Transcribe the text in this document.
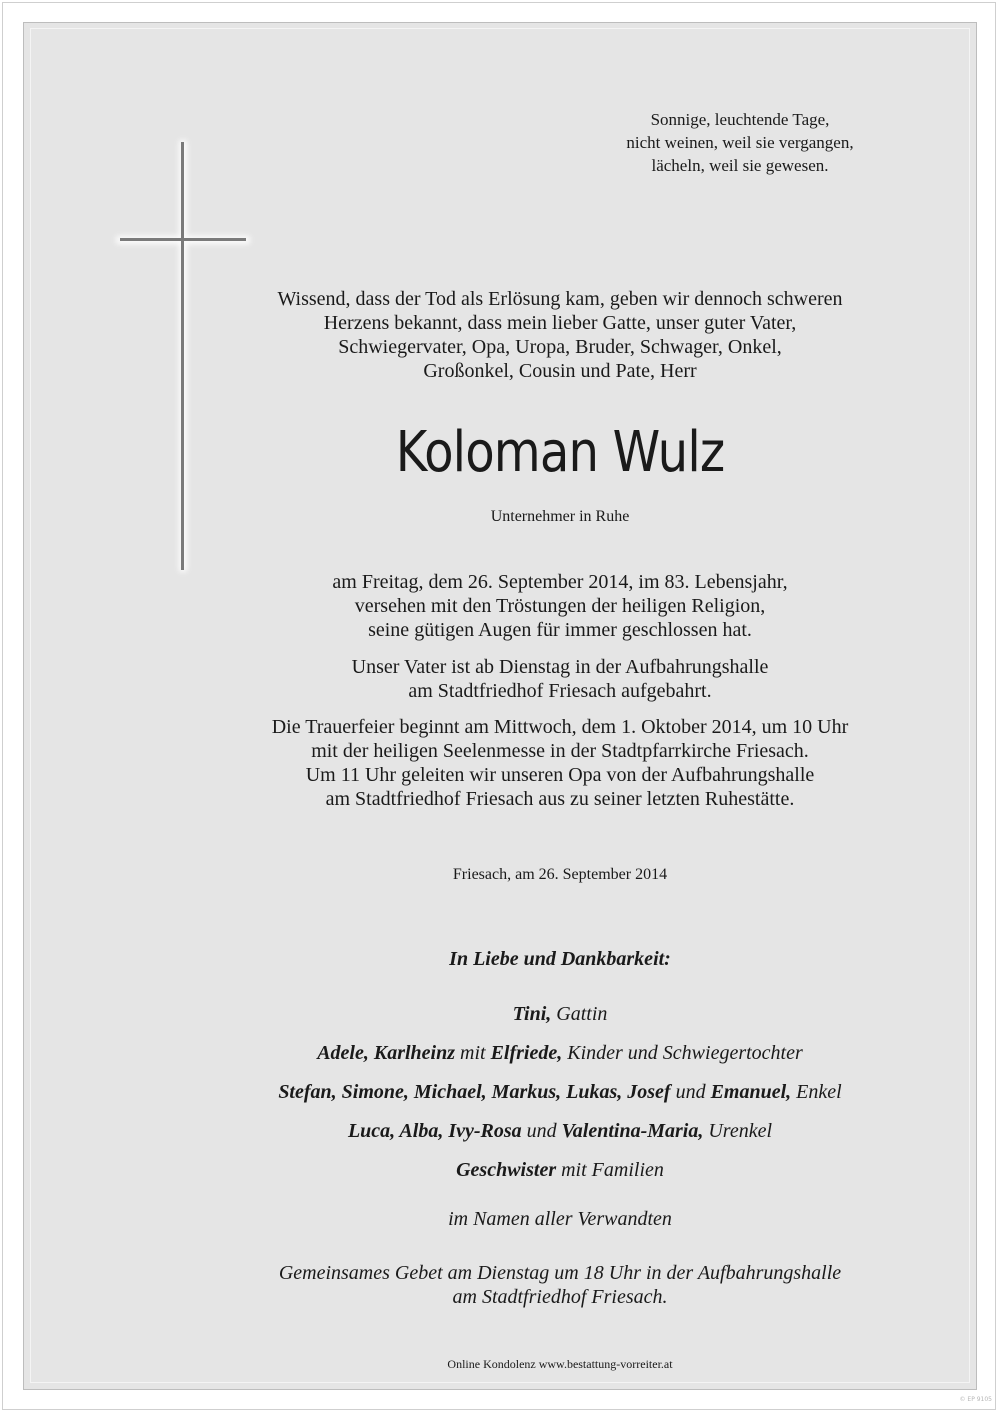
Sonnige, leuchtende Tage,
nicht weinen, weil sie vergangen,
lächeln, weil sie gewesen.
Wissend, dass der Tod als Erlösung kam, geben wir dennoch schweren
Herzens bekannt, dass mein lieber Gatte, unser guter Vater,
Schwiegervater, Opa, Uropa, Bruder, Schwager, Onkel,
Großonkel, Cousin und Pate, Herr
Koloman Wulz
Unternehmer in Ruhe
am Freitag, dem 26. September 2014, im 83. Lebensjahr,
versehen mit den Tröstungen der heiligen Religion,
seine gütigen Augen für immer geschlossen hat.
Unser Vater ist ab Dienstag in der Aufbahrungshalle
am Stadtfriedhof Friesach aufgebahrt.
Die Trauerfeier beginnt am Mittwoch, dem 1. Oktober 2014, um 10 Uhr
mit der heiligen Seelenmesse in der Stadtpfarrkirche Friesach.
Um 11 Uhr geleiten wir unseren Opa von der Aufbahrungshalle
am Stadtfriedhof Friesach aus zu seiner letzten Ruhestätte.
Friesach, am 26. September 2014
In Liebe und Dankbarkeit:
Tini, Gattin
Adele, Karlheinz mit Elfriede, Kinder und Schwiegertochter
Stefan, Simone, Michael, Markus, Lukas, Josef und Emanuel, Enkel
Luca, Alba, Ivy-Rosa und Valentina-Maria, Urenkel
Geschwister mit Familien
im Namen aller Verwandten
Gemeinsames Gebet am Dienstag um 18 Uhr in der Aufbahrungshalle
am Stadtfriedhof Friesach.
Online Kondolenz www.bestattung-vorreiter.at
© EP 9105
